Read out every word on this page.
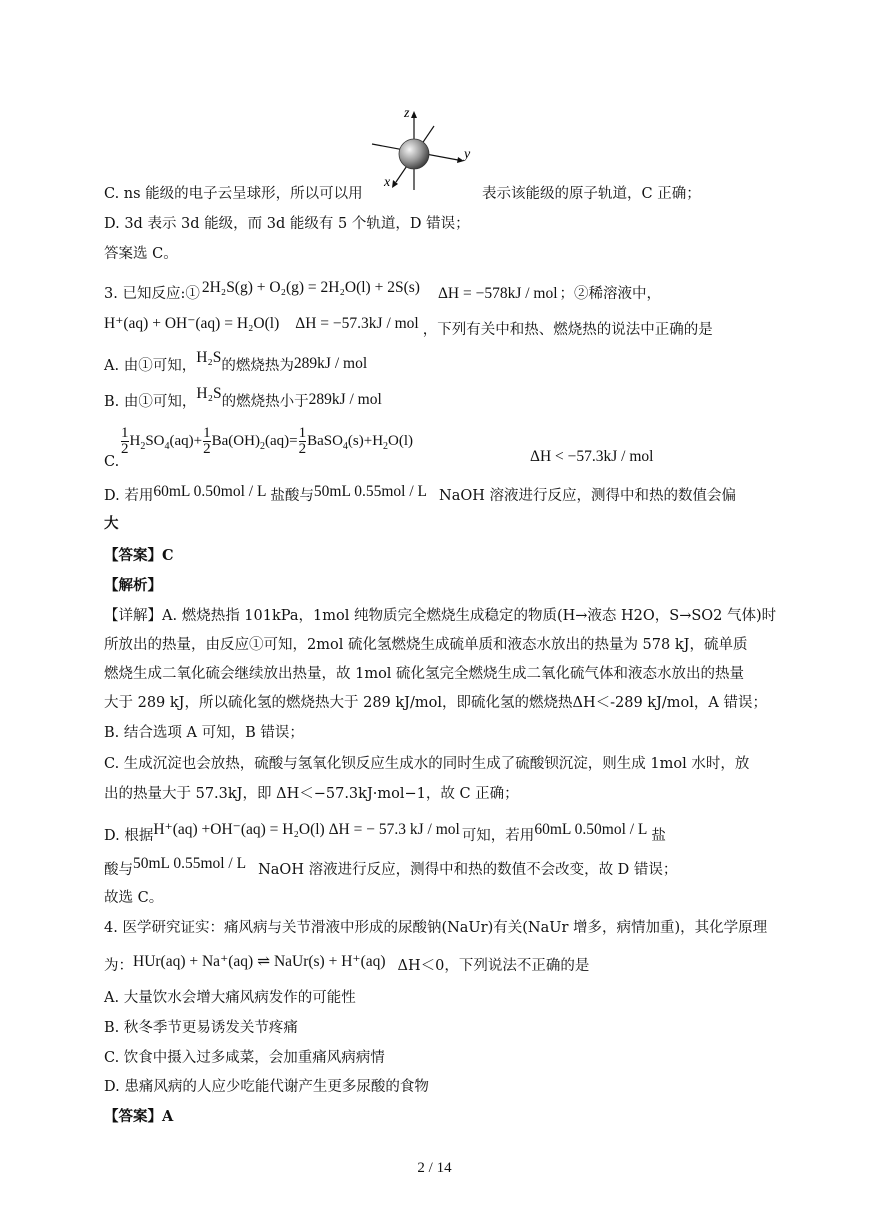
z
y
x
C. ns 能级的电子云呈球形，所以可以用	表示该能级的原子轨道，C 正确；
D. 3d 表示 3d 能级，而 3d 能级有 5 个轨道，D 错误；
答案选 C。
3. 已知反应:① 2H₂S(g) + O₂(g) = 2H₂O(l) + 2S(s) ΔH = −578kJ / mol ；②稀溶液中，
H⁺(aq) + OH⁻(aq) = H₂O(l) ΔH = −57.3kJ / mol ，下列有关中和热、燃烧热的说法中正确的是
A. 由①可知，H₂S的燃烧热为289kJ / mol
B. 由①可知，H₂S的燃烧热小于289kJ / mol
C.
$\frac{1}{2} H_2SO_4(aq)+ \frac{1}{2} Ba(OH)_2(aq)= \frac{1}{2}$ $BaSO_4(s)+H_2O(l)$
ΔH < −57.3kJ / mol
D. 若用60mL 0.50mol / L 盐酸与50mL 0.55mol / L NaOH 溶液进行反应，测得中和热的数值会偏
大
【答案】C
【解析】
【详解】A. 燃烧热指 101kPa，1mol 纯物质完全燃烧生成稳定的物质(H→液态 H2O，S→SO2 气体)时
所放出的热量，由反应①可知，2mol 硫化氢燃烧生成硫单质和液态水放出的热量为 578 kJ，硫单质
燃烧生成二氧化硫会继续放出热量，故 1mol 硫化氢完全燃烧生成二氧化硫气体和液态水放出的热量
大于 289 kJ，所以硫化氢的燃烧热大于 289 kJ/mol，即硫化氢的燃烧热ΔH＜-289 kJ/mol，A 错误；
B. 结合选项 A 可知，B 错误；
C. 生成沉淀也会放热，硫酸与氢氧化钡反应生成水的同时生成了硫酸钡沉淀，则生成 1mol 水时，放
出的热量大于 57.3kJ，即 ΔH＜−57.3kJ·mol−1，故 C 正确；
D. 根据H⁺(aq) +OH⁻(aq) = H₂O(l) ΔH = − 57.3 kJ / mol 可知，若用60mL 0.50mol / L 盐
酸与50mL 0.55mol / L NaOH 溶液进行反应，测得中和热的数值不会改变，故 D 错误；
故选 C。
4. 医学研究证实：痛风病与关节滑液中形成的尿酸钠(NaUr)有关(NaUr 增多，病情加重)，其化学原理
为：HUr(aq) + Na⁺(aq) ⇌ NaUr(s) + H⁺(aq) ΔH＜0，下列说法不正确的是
A. 大量饮水会增大痛风病发作的可能性
B. 秋冬季节更易诱发关节疼痛
C. 饮食中摄入过多咸菜，会加重痛风病病情
D. 患痛风病的人应少吃能代谢产生更多尿酸的食物
【答案】A
2 / 14
